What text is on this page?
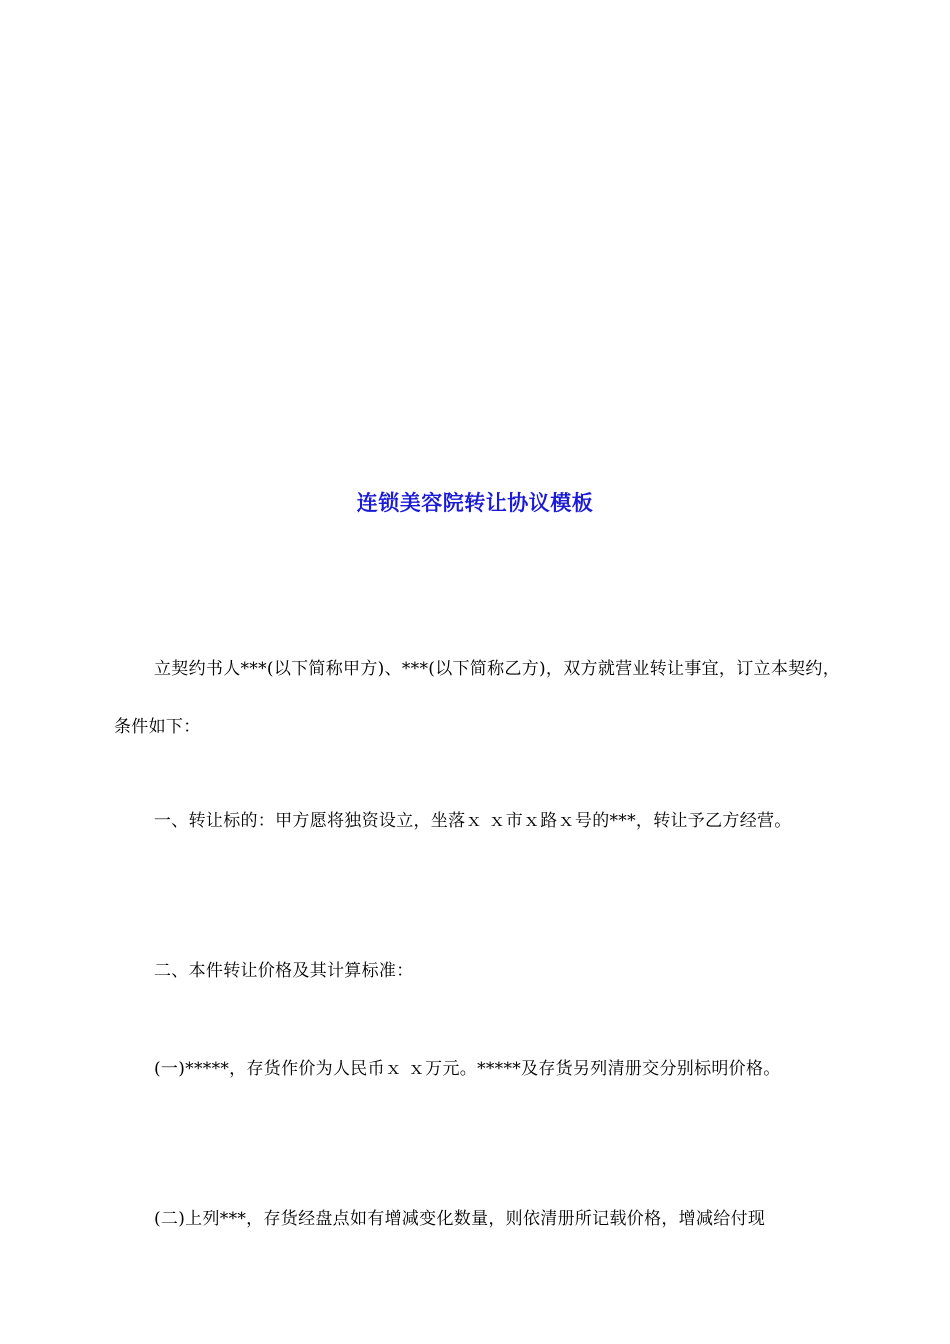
连锁美容院转让协议模板
立契约书人***(以下简称甲方)、***(以下简称乙方)，双方就营业转让事宜，订立本契约，条件如下：
一、转让标的：甲方愿将独资设立，坐落ｘ ｘ市ｘ路ｘ号的***，转让予乙方经营。
二、本件转让价格及其计算标准：
(一)*****，存货作价为人民币ｘ ｘ万元。*****及存货另列清册交分别标明价格。
(二)上列***，存货经盘点如有增减变化数量，则依清册所记载价格，增减给付现
